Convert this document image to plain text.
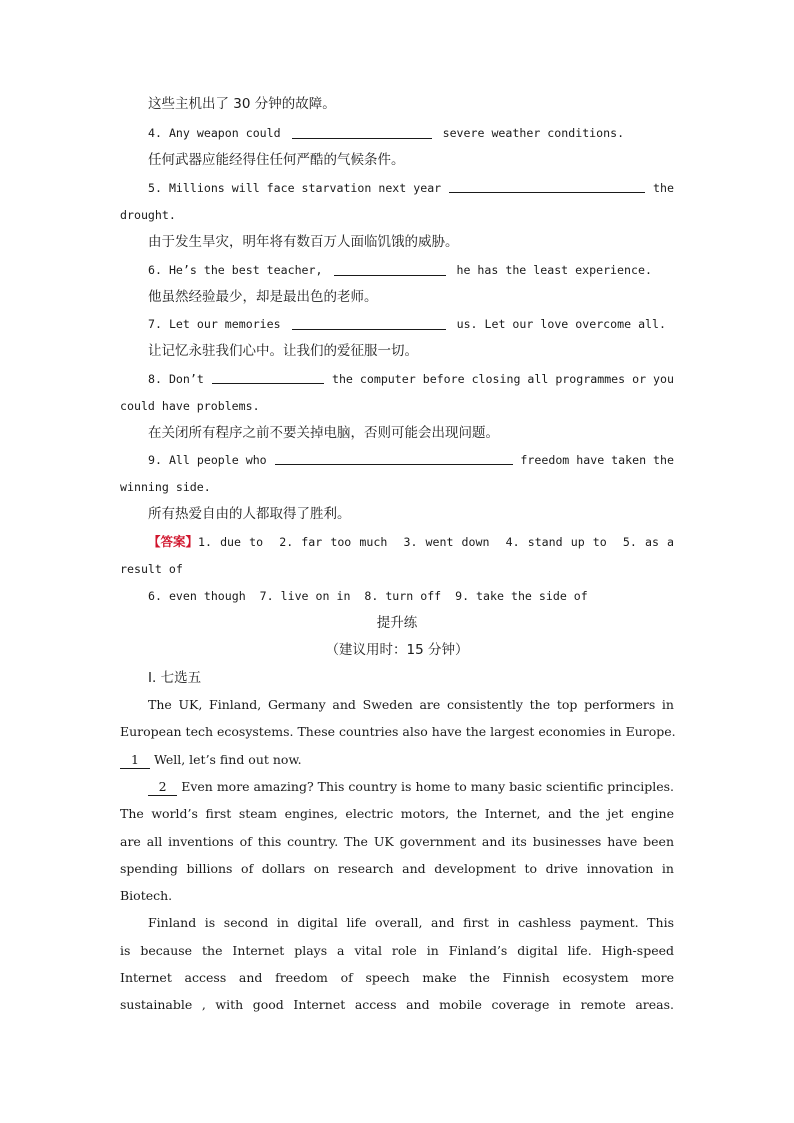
这些主机出了 30 分钟的故障。
4. Any weapon could	severe weather conditions.
任何武器应能经得住任何严酷的气候条件。
5. Millions will face starvation next year	the
drought.
由于发生旱灾，明年将有数百万人面临饥饿的威胁。
6. He’s the best teacher,	he has the least experience.
他虽然经验最少，却是最出色的老师。
7. Let our memories	us. Let our love overcome all.
让记忆永驻我们心中。让我们的爱征服一切。
8. Don’t	the computer before closing all programmes or you
could have problems.
在关闭所有程序之前不要关掉电脑，否则可能会出现问题。
9. All people who	freedom have taken the
winning side.
所有热爱自由的人都取得了胜利。
【答案】 1. due to  2. far too much  3. went down  4. stand up to  5. as a
result of
6. even though  7. live on in  8. turn off  9. take the side of
提升练
（建议用时：15 分钟）
Ⅰ. 七选五
The UK, Finland, Germany and Sweden are consistently the top performers in
European tech ecosystems. These countries also have the largest economies in Europe.
1 Well, let’s find out now.
2	Even more amazing? This country is home to many basic scientific principles.
The world’s first steam engines, electric motors, the Internet, and the jet engine
are all inventions of this country. The UK government and its businesses have been
spending billions of dollars on research and development to drive innovation in
Biotech.
Finland is second in digital life overall, and first in cashless payment. This
is because the Internet plays a vital role in Finland’s digital life. High-speed
Internet access and freedom of speech make the Finnish ecosystem more
sustainable , with good Internet access and mobile coverage in remote areas.
